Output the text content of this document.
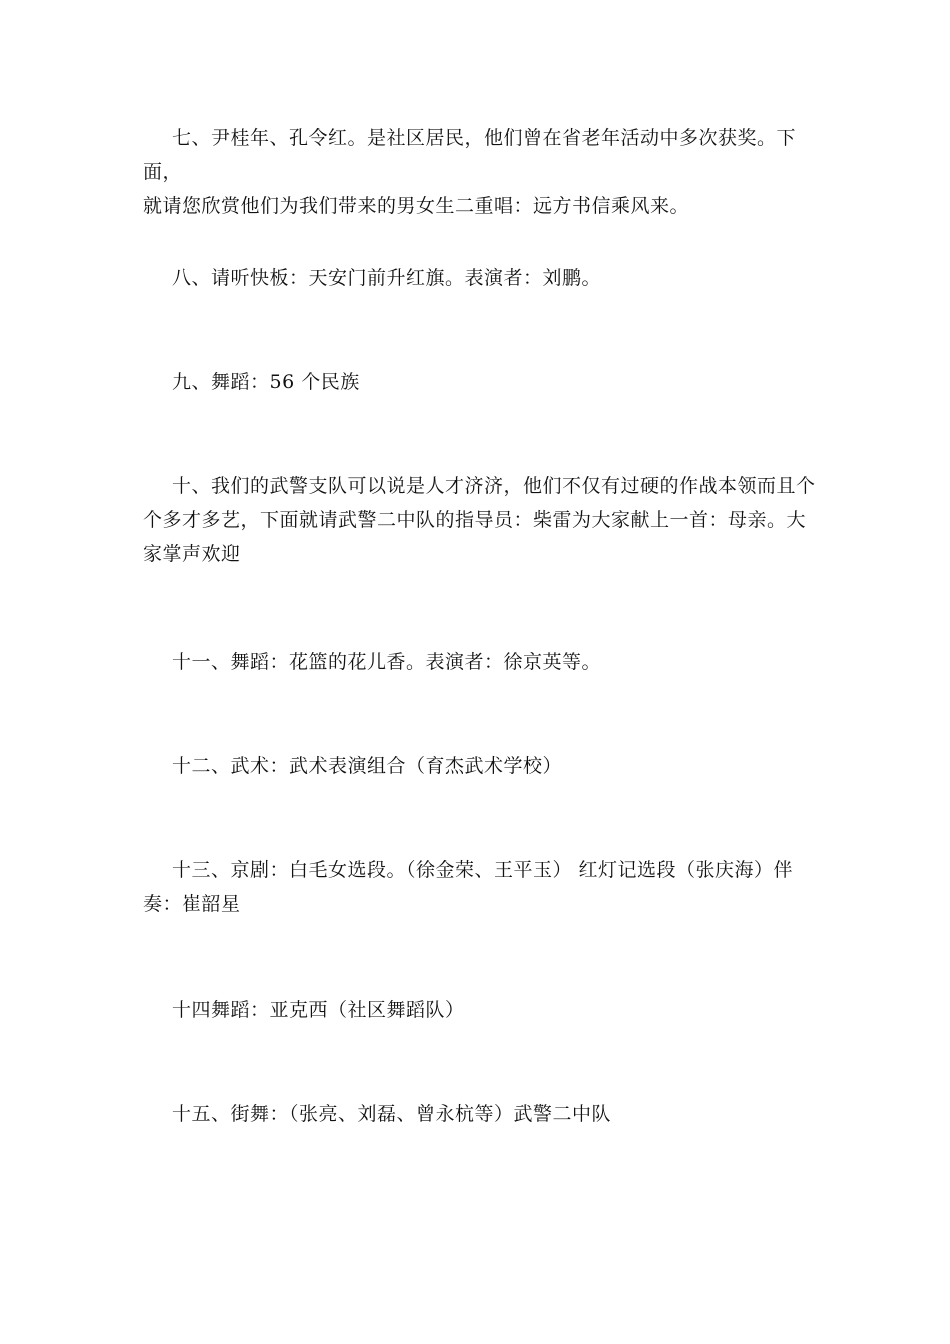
七、尹桂年、孔令红。是社区居民，他们曾在省老年活动中多次获奖。下面，
就请您欣赏他们为我们带来的男女生二重唱：远方书信乘风来。

八、请听快板：天安门前升红旗。表演者：刘鹏。

九、舞蹈：56 个民族

十、我们的武警支队可以说是人才济济，他们不仅有过硬的作战本领而且个
个多才多艺，下面就请武警二中队的指导员：柴雷为大家献上一首：母亲。大
家掌声欢迎

十一、舞蹈：花篮的花儿香。表演者：徐京英等。

十二、武术：武术表演组合（育杰武术学校）

十三、京剧：白毛女选段。（徐金荣、王平玉） 红灯记选段（张庆海）伴
奏：崔韶星

十四舞蹈：亚克西（社区舞蹈队）

十五、街舞：（张亮、刘磊、曾永杭等）武警二中队
